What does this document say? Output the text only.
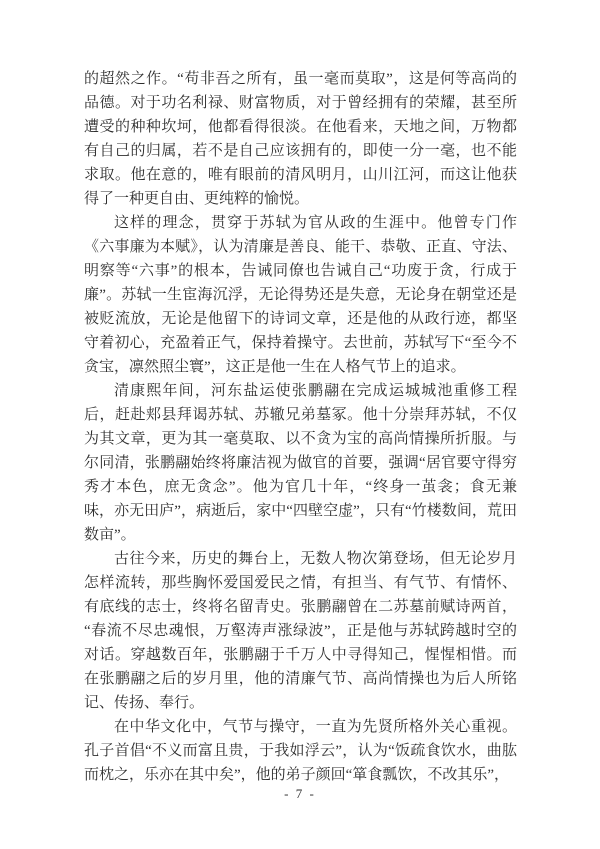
的超然之作。“苟非吾之所有，虽一毫而莫取”，这是何等高尚的品德。对于功名利禄、财富物质，对于曾经拥有的荣耀，甚至所遭受的种种坎坷，他都看得很淡。在他看来，天地之间，万物都有自己的归属，若不是自己应该拥有的，即使一分一毫，也不能求取。他在意的，唯有眼前的清风明月，山川江河，而这让他获得了一种更自由、更纯粹的愉悦。

这样的理念，贯穿于苏轼为官从政的生涯中。他曾专门作《六事廉为本赋》，认为清廉是善良、能干、恭敬、正直、守法、明察等“六事”的根本，告诫同僚也告诫自己“功废于贪，行成于廉”。苏轼一生宦海沉浮，无论得势还是失意，无论身在朝堂还是被贬流放，无论是他留下的诗词文章，还是他的从政行迹，都坚守着初心，充盈着正气，保持着操守。去世前，苏轼写下“至今不贪宝，凛然照尘寰”，这正是他一生在人格气节上的追求。

清康熙年间，河东盐运使张鹏翮在完成运城城池重修工程后，赶赴郏县拜谒苏轼、苏辙兄弟墓冢。他十分崇拜苏轼，不仅为其文章，更为其一毫莫取、以不贪为宝的高尚情操所折服。与尔同清，张鹏翮始终将廉洁视为做官的首要，强调“居官要守得穷秀才本色，庶无贪念”。他为官几十年，“终身一茧衾；食无兼味，亦无田庐”，病逝后，家中“四壁空虚”，只有“竹楼数间，荒田数亩”。

古往今来，历史的舞台上，无数人物次第登场，但无论岁月怎样流转，那些胸怀爱国爱民之情，有担当、有气节、有情怀、有底线的志士，终将名留青史。张鹏翮曾在二苏墓前赋诗两首，“春流不尽忠魂恨，万壑涛声涨绿波”，正是他与苏轼跨越时空的对话。穿越数百年，张鹏翮于千万人中寻得知己，惺惺相惜。而在张鹏翮之后的岁月里，他的清廉气节、高尚情操也为后人所铭记、传扬、奉行。

在中华文化中，气节与操守，一直为先贤所格外关心重视。孔子首倡“不义而富且贵，于我如浮云”，认为“饭疏食饮水，曲肱而枕之，乐亦在其中矣”，他的弟子颜回“箪食瓢饮，不改其乐”，

- 7 -
